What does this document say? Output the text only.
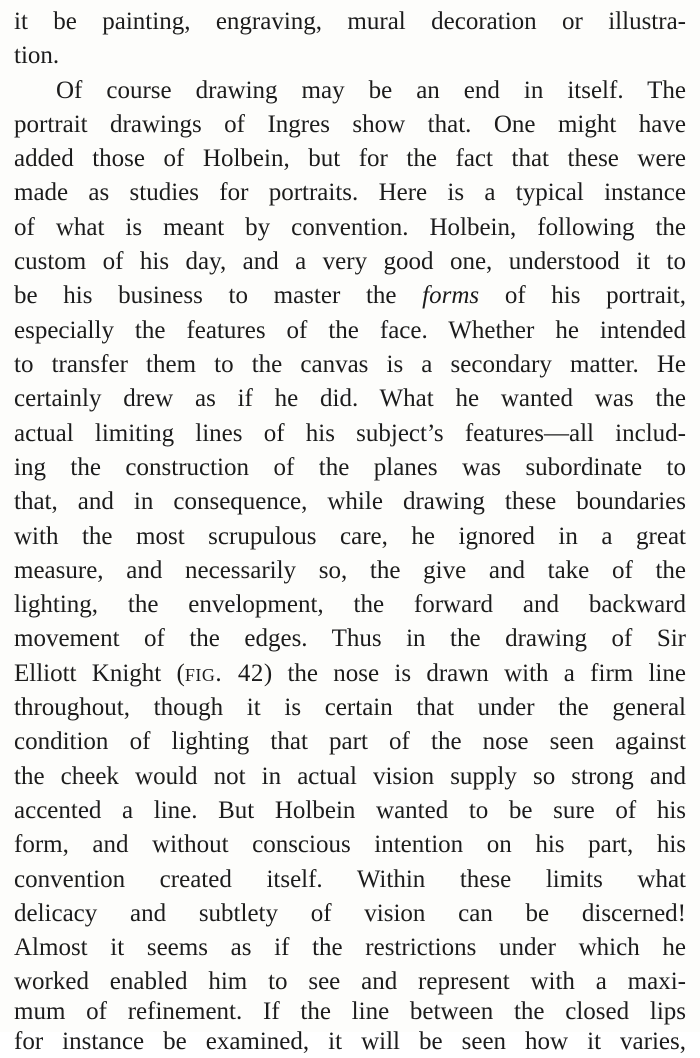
it be painting, engraving, mural decoration or illustra-
tion.
Of course drawing may be an end in itself. The
portrait drawings of Ingres show that. One might have
added those of Holbein, but for the fact that these were
made as studies for portraits. Here is a typical instance
of what is meant by convention. Holbein, following the
custom of his day, and a very good one, understood it to
be his business to master the forms of his portrait,
especially the features of the face. Whether he intended
to transfer them to the canvas is a secondary matter. He
certainly drew as if he did. What he wanted was the
actual limiting lines of his subject’s features—all includ-
ing the construction of the planes was subordinate to
that, and in consequence, while drawing these boundaries
with the most scrupulous care, he ignored in a great
measure, and necessarily so, the give and take of the
lighting, the envelopment, the forward and backward
movement of the edges. Thus in the drawing of Sir
Elliott Knight (fig. 42) the nose is drawn with a firm line
throughout, though it is certain that under the general
condition of lighting that part of the nose seen against
the cheek would not in actual vision supply so strong and
accented a line. But Holbein wanted to be sure of his
form, and without conscious intention on his part, his
convention created itself. Within these limits what
delicacy and subtlety of vision can be discerned!
Almost it seems as if the restrictions under which he
worked enabled him to see and represent with a maxi-
mum of refinement. If the line between the closed lips
for instance be examined, it will be seen how it varies,
